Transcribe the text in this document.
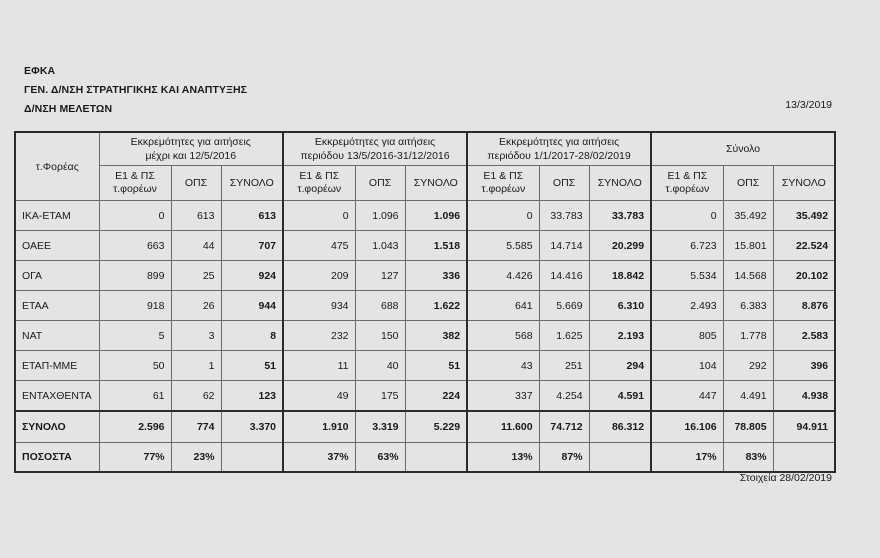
ΕΦΚΑ
ΓΕΝ. Δ/ΝΣΗ ΣΤΡΑΤΗΓΙΚΗΣ ΚΑΙ ΑΝΑΠΤΥΞΗΣ
Δ/ΝΣΗ ΜΕΛΕΤΩΝ	13/3/2019
τ.Φορέας	Εκκρεμότητες για αιτήσεις
μέχρι και 12/5/2016			Εκκρεμότητες για αιτήσεις
περιόδου 13/5/2016-31/12/2016			Εκκρεμότητες για αιτήσεις
περιόδου 1/1/2017-28/02/2019			Σύνολο		
	Ε1 & ΠΣ τ.φορέων	ΟΠΣ	ΣΥΝΟΛΟ	Ε1 & ΠΣ τ.φορέων	ΟΠΣ	ΣΥΝΟΛΟ	Ε1 & ΠΣ τ.φορέων	ΟΠΣ	ΣΥΝΟΛΟ	Ε1 & ΠΣ τ.φορέων	ΟΠΣ	ΣΥΝΟΛΟ
ΙΚΑ-ΕΤΑΜ	0	613	613	0	1.096	1.096	0	33.783	33.783	0	35.492	35.492
ΟΑΕΕ	663	44	707	475	1.043	1.518	5.585	14.714	20.299	6.723	15.801	22.524
ΟΓΑ	899	25	924	209	127	336	4.426	14.416	18.842	5.534	14.568	20.102
ΕΤΑΑ	918	26	944	934	688	1.622	641	5.669	6.310	2.493	6.383	8.876
ΝΑΤ	5	3	8	232	150	382	568	1.625	2.193	805	1.778	2.583
ΕΤΑΠ-ΜΜΕ	50	1	51	11	40	51	43	251	294	104	292	396
ΕΝΤΑΧΘΕΝΤΑ	61	62	123	49	175	224	337	4.254	4.591	447	4.491	4.938
ΣΥΝΟΛΟ	2.596	774	3.370	1.910	3.319	5.229	11.600	74.712	86.312	16.106	78.805	94.911
ΠΟΣΟΣΤΑ	77%	23%		37%	63%		13%	87%		17%	83%	
Στοιχεία 28/02/2019
